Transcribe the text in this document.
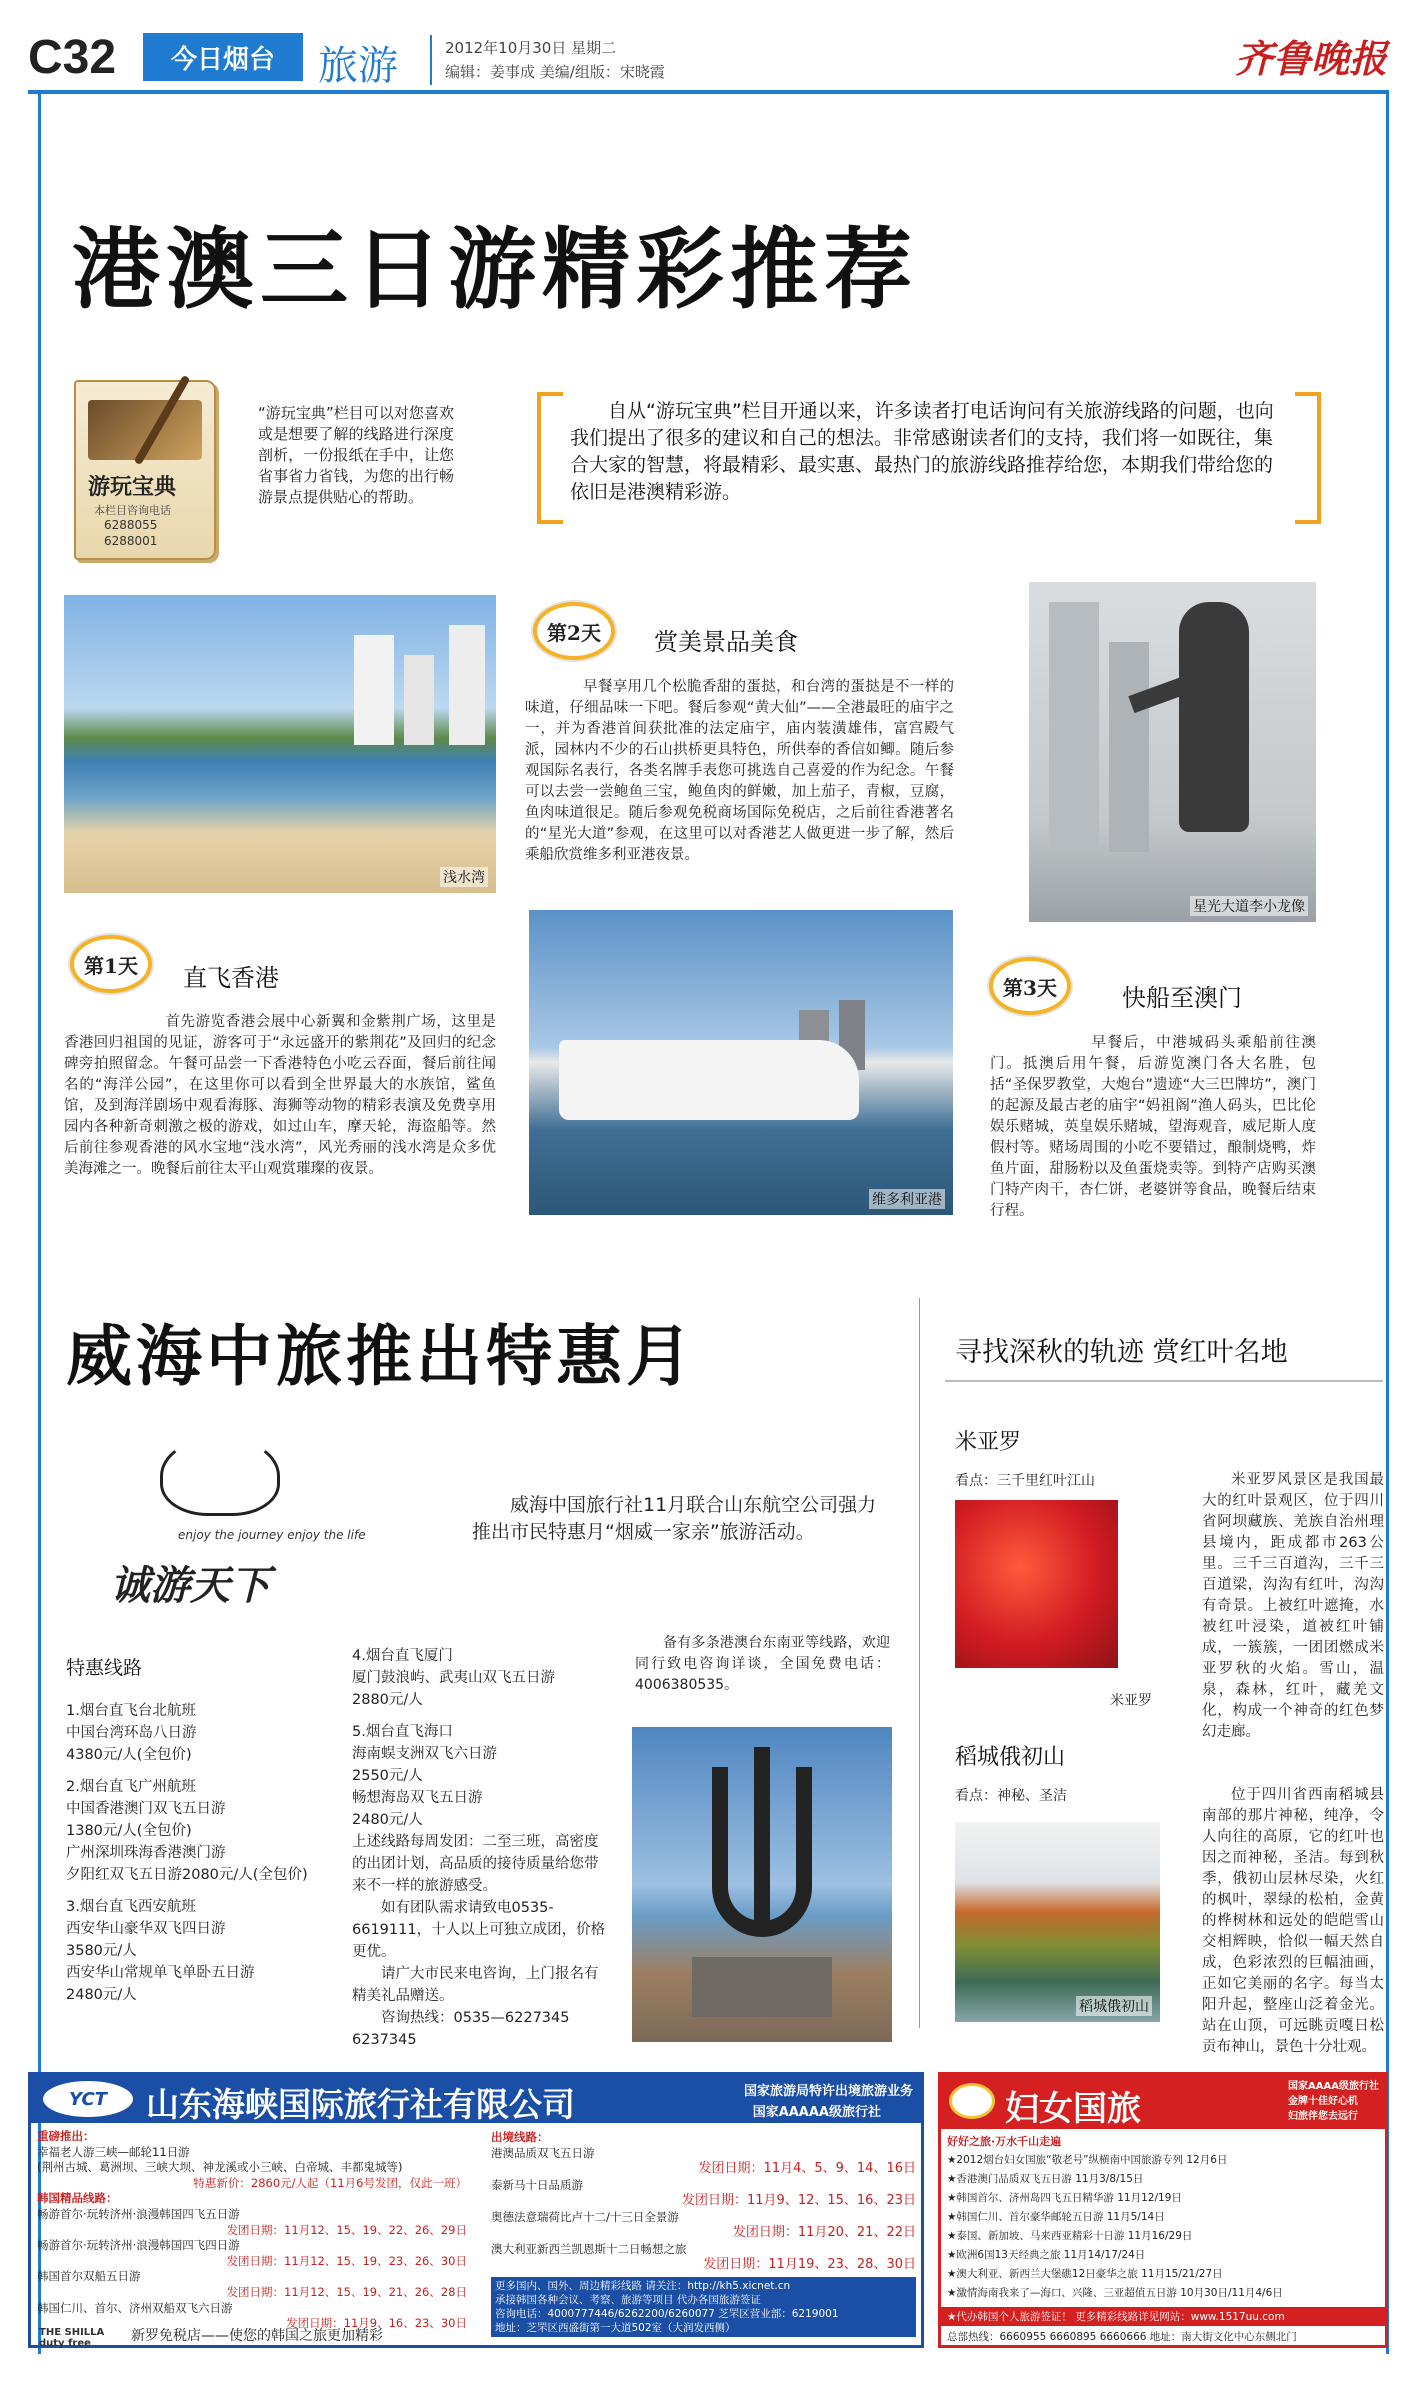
C32	今日烟台	旅游	2012年10月30日 星期二
编辑：姜事成 美编/组版：宋晓霞	齐鲁晚报
港澳三日游精彩推荐
游玩宝典
本栏目咨询电话
6288055
6288001
“游玩宝典”栏目可以对您喜欢或是想要了解的线路进行深度剖析，一份报纸在手中，让您省事省力省钱，为您的出行畅游景点提供贴心的帮助。
自从“游玩宝典”栏目开通以来，许多读者打电话询问有关旅游线路的问题，也向我们提出了很多的建议和自己的想法。非常感谢读者们的支持，我们将一如既往，集合大家的智慧，将最精彩、最实惠、最热门的旅游线路推荐给您，本期我们带给您的依旧是港澳精彩游。
浅水湾
星光大道李小龙像
维多利亚港
第2天	赏美景品美食
早餐享用几个松脆香甜的蛋挞，和台湾的蛋挞是不一样的味道，仔细品味一下吧。餐后参观“黄大仙”——全港最旺的庙宇之一，并为香港首间获批准的法定庙宇，庙内装潢雄伟，富宫殿气派，园林内不少的石山拱桥更具特色，所供奉的香信如鲫。随后参观国际名表行，各类名牌手表您可挑选自己喜爱的作为纪念。午餐可以去尝一尝鲍鱼三宝，鲍鱼肉的鲜嫩，加上茄子，青椒，豆腐，鱼肉味道很足。随后参观免税商场国际免税店，之后前往香港著名的“星光大道”参观，在这里可以对香港艺人做更进一步了解，然后乘船欣赏维多利亚港夜景。
第1天	直飞香港
首先游览香港会展中心新翼和金紫荆广场，这里是香港回归祖国的见证，游客可于“永远盛开的紫荆花”及回归的纪念碑旁拍照留念。午餐可品尝一下香港特色小吃云吞面，餐后前往闻名的“海洋公园”，在这里你可以看到全世界最大的水族馆，鲨鱼馆，及到海洋剧场中观看海豚、海狮等动物的精彩表演及免费享用园内各种新奇刺激之极的游戏，如过山车，摩天轮，海盗船等。然后前往参观香港的风水宝地“浅水湾”，风光秀丽的浅水湾是众多优美海滩之一。晚餐后前往太平山观赏璀璨的夜景。
第3天	快船至澳门
早餐后，中港城码头乘船前往澳门。抵澳后用午餐，后游览澳门各大名胜，包括“圣保罗教堂，大炮台”遗迹“大三巴牌坊”，澳门的起源及最古老的庙宇“妈祖阁”渔人码头，巴比伦娱乐赌城，英皇娱乐赌城，望海观音，威尼斯人度假村等。赌场周围的小吃不要错过，酿制烧鸭，炸鱼片面，甜肠粉以及鱼蛋烧卖等。到特产店购买澳门特产肉干，杏仁饼，老婆饼等食品，晚餐后结束行程。
威海中旅推出特惠月
enjoy the journey enjoy the life
诚游天下
威海中国旅行社11月联合山东航空公司强力推出市民特惠月“烟威一家亲”旅游活动。
备有多条港澳台东南亚等线路，欢迎同行致电咨询详谈，全国免费电话：4006380535。
特惠线路
1.烟台直飞台北航班
中国台湾环岛八日游
4380元/人(全包价)
2.烟台直飞广州航班
中国香港澳门双飞五日游
1380元/人(全包价)
广州深圳珠海香港澳门游
夕阳红双飞五日游2080元/人(全包价)
3.烟台直飞西安航班
西安华山豪华双飞四日游
3580元/人
西安华山常规单飞单卧五日游
2480元/人
4.烟台直飞厦门
厦门鼓浪屿、武夷山双飞五日游
2880元/人
5.烟台直飞海口
海南蜈支洲双飞六日游
2550元/人
畅想海岛双飞五日游
2480元/人
上述线路每周发团：二至三班，高密度的出团计划，高品质的接待质量给您带来不一样的旅游感受。
如有团队需求请致电0535-6619111，十人以上可独立成团，价格更优。
请广大市民来电咨询，上门报名有精美礼品赠送。
咨询热线：0535—6227345
6237345
寻找深秋的轨迹 赏红叶名地
米亚罗
看点：三千里红叶江山
米亚罗
米亚罗风景区是我国最大的红叶景观区，位于四川省阿坝藏族、羌族自治州理县境内，距成都市263公里。三千三百道沟，三千三百道梁，沟沟有红叶，沟沟有奇景。上被红叶遮掩，水被红叶浸染，道被红叶铺成，一簇簇，一团团燃成米亚罗秋的火焰。雪山，温泉，森林，红叶，藏羌文化，构成一个神奇的红色梦幻走廊。
稻城俄初山
看点：神秘、圣洁
稻城俄初山
位于四川省西南稻城县南部的那片神秘，纯净，令人向往的高原，它的红叶也因之而神秘，圣洁。每到秋季，俄初山层林尽染，火红的枫叶，翠绿的松柏，金黄的桦树林和远处的皑皑雪山交相辉映，恰似一幅天然自成，色彩浓烈的巨幅油画，正如它美丽的名字。每当太阳升起，整座山泛着金光。站在山顶，可远眺贡嘎日松贡布神山，景色十分壮观。
YCT	山东海峡国际旅行社有限公司	国家旅游局特许出境旅游业务
国家AAAAA级旅行社
重磅推出：
幸福老人游三峡—邮轮11日游
(荆州古城、葛洲坝、三峡大坝、神龙溪或小三峡、白帝城、丰都鬼城等)
特惠新价：2860元/人起（11月6号发团，仅此一班）
韩国精品线路：
畅游首尔·玩转济州·浪漫韩国四飞五日游
发团日期：11月12、15、19、22、26、29日
畅游首尔·玩转济州·浪漫韩国四飞四日游
发团日期：11月12、15、19、23、26、30日
韩国首尔双船五日游
发团日期：11月12、15、19、21、26、28日
韩国仁川、首尔、济州双船双飞六日游
发团日期：11月9、16、23、30日
THE SHILLA duty free	新罗免税店——使您的韩国之旅更加精彩
出境线路：
港澳品质双飞五日游
发团日期：11月4、5、9、14、16日
泰新马十日品质游
发团日期：11月9、12、15、16、23日
奥德法意瑞荷比卢十二/十三日全景游
发团日期：11月20、21、22日
澳大利亚新西兰凯恩斯十二日畅想之旅
发团日期：11月19、23、28、30日
更多国内、国外、周边精彩线路 请关注：http://kh5.xicnet.cn
承接韩国各种会议、考察、旅游等项目 代办各国旅游签证
咨询电话：4000777446/6262200/6260077 芝罘区营业部：6219001
地址：芝罘区西盛街第一大道502室（大润发西侧）
妇女国旅
国家AAAA级旅行社
金牌十佳好心机
妇旅伴您去远行
好好之旅·万水千山走遍
★2012烟台妇女国旅“敬老号”纵横南中国旅游专列 12月6日
★香港澳门品质双飞五日游 11月3/8/15日
★韩国首尔、济州岛四飞五日精华游 11月12/19日
★韩国仁川、首尔豪华邮轮五日游 11月5/14日
★泰国、新加坡、马来西亚精彩十日游 11月16/29日
★欧洲6国13天经典之旅 11月14/17/24日
★澳大利亚、新西兰大堡礁12日豪华之旅 11月15/21/27日
★激情海南我来了—海口、兴隆、三亚超值五日游 10月30日/11月4/6日
★代办韩国个人旅游签证！ 更多精彩线路详见网站：www.1517uu.com
总部热线：6660955 6660895 6660666 地址：南大街文化中心东侧北门
